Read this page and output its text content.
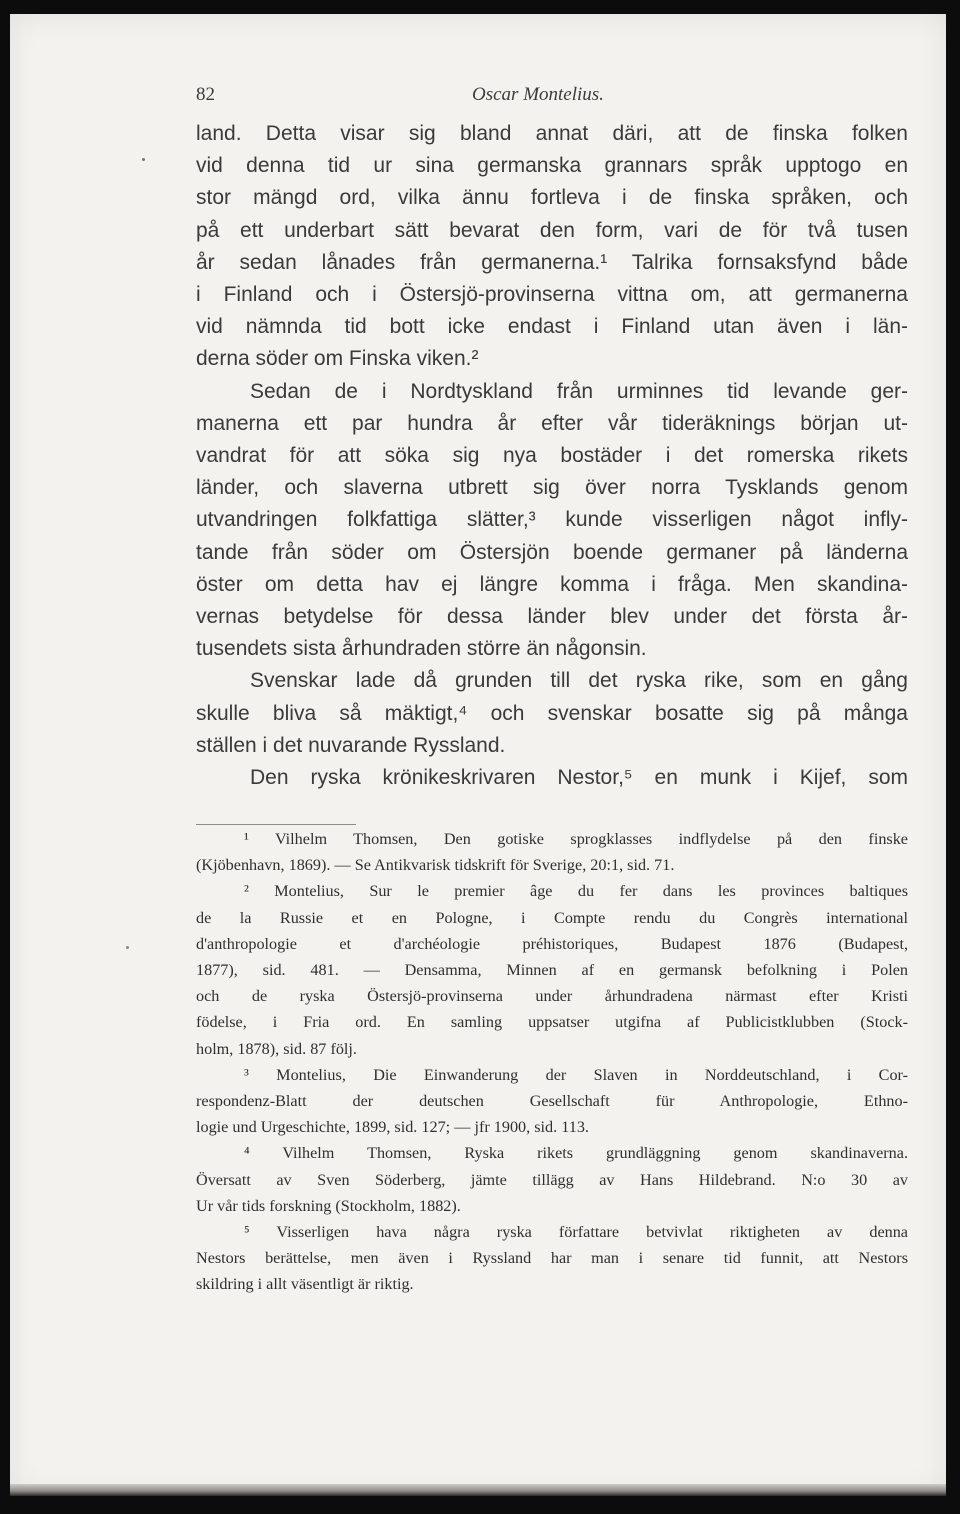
82	Oscar Montelius.
land. Detta visar sig bland annat däri, att de finska folken
vid denna tid ur sina germanska grannars språk upptogo en
stor mängd ord, vilka ännu fortleva i de finska språken, och
på ett underbart sätt bevarat den form, vari de för två tusen
år sedan lånades från germanerna.¹ Talrika fornsaksfynd både
i Finland och i Östersjö-provinserna vittna om, att germanerna
vid nämnda tid bott icke endast i Finland utan även i län-
derna söder om Finska viken.²
Sedan de i Nordtyskland från urminnes tid levande ger-
manerna ett par hundra år efter vår tideräknings början ut-
vandrat för att söka sig nya bostäder i det romerska rikets
länder, och slaverna utbrett sig över norra Tysklands genom
utvandringen folkfattiga slätter,³ kunde visserligen något infly-
tande från söder om Östersjön boende germaner på länderna
öster om detta hav ej längre komma i fråga. Men skandina-
vernas betydelse för dessa länder blev under det första år-
tusendets sista århundraden större än någonsin.
Svenskar lade då grunden till det ryska rike, som en gång
skulle bliva så mäktigt,⁴ och svenskar bosatte sig på många
ställen i det nuvarande Ryssland.
Den ryska krönikeskrivaren Nestor,⁵ en munk i Kijef, som
¹ Vilhelm Thomsen, Den gotiske sprogklasses indflydelse på den finske
(Kjöbenhavn, 1869). — Se Antikvarisk tidskrift för Sverige, 20:1, sid. 71.
² Montelius, Sur le premier âge du fer dans les provinces baltiques
de la Russie et en Pologne, i Compte rendu du Congrès international
d'anthropologie et d'archéologie préhistoriques, Budapest 1876 (Budapest,
1877), sid. 481. — Densamma, Minnen af en germansk befolkning i Polen
och de ryska Östersjö-provinserna under århundradena närmast efter Kristi
födelse, i Fria ord. En samling uppsatser utgifna af Publicistklubben (Stock-
holm, 1878), sid. 87 följ.
³ Montelius, Die Einwanderung der Slaven in Norddeutschland, i Cor-
respondenz-Blatt der deutschen Gesellschaft für Anthropologie, Ethno-
logie und Urgeschichte, 1899, sid. 127; — jfr 1900, sid. 113.
⁴ Vilhelm Thomsen, Ryska rikets grundläggning genom skandinaverna.
Översatt av Sven Söderberg, jämte tillägg av Hans Hildebrand. N:o 30 av
Ur vår tids forskning (Stockholm, 1882).
⁵ Visserligen hava några ryska författare betvivlat riktigheten av denna
Nestors berättelse, men även i Ryssland har man i senare tid funnit, att Nestors
skildring i allt väsentligt är riktig.
